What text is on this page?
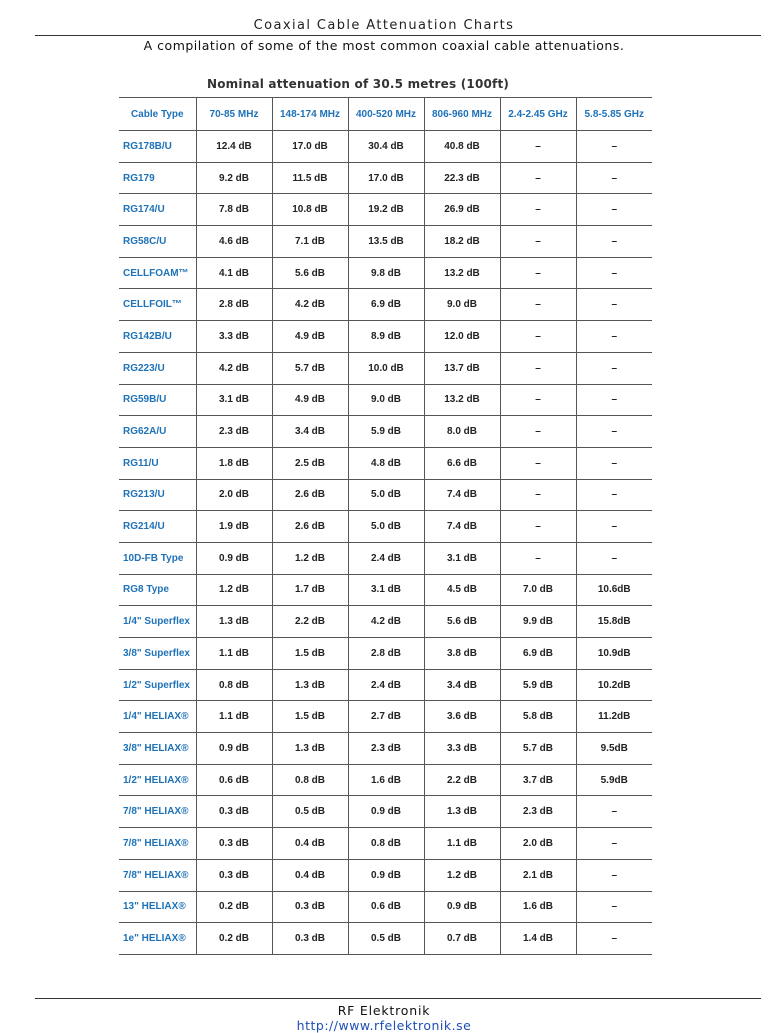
Coaxial Cable Attenuation Charts
A compilation of some of the most common coaxial cable attenuations.
Nominal attenuation of 30.5 metres (100ft)
Cable Type	70-85 MHz	148-174 MHz	400-520 MHz	806-960 MHz	2.4-2.45 GHz	5.8-5.85 GHz
RG178B/U	12.4 dB	17.0 dB	30.4 dB	40.8 dB	–	–
RG179	9.2 dB	11.5 dB	17.0 dB	22.3 dB	–	–
RG174/U	7.8 dB	10.8 dB	19.2 dB	26.9 dB	–	–
RG58C/U	4.6 dB	7.1 dB	13.5 dB	18.2 dB	–	–
CELLFOAM™	4.1 dB	5.6 dB	9.8 dB	13.2 dB	–	–
CELLFOIL™	2.8 dB	4.2 dB	6.9 dB	9.0 dB	–	–
RG142B/U	3.3 dB	4.9 dB	8.9 dB	12.0 dB	–	–
RG223/U	4.2 dB	5.7 dB	10.0 dB	13.7 dB	–	–
RG59B/U	3.1 dB	4.9 dB	9.0 dB	13.2 dB	–	–
RG62A/U	2.3 dB	3.4 dB	5.9 dB	8.0 dB	–	–
RG11/U	1.8 dB	2.5 dB	4.8 dB	6.6 dB	–	–
RG213/U	2.0 dB	2.6 dB	5.0 dB	7.4 dB	–	–
RG214/U	1.9 dB	2.6 dB	5.0 dB	7.4 dB	–	–
10D-FB Type	0.9 dB	1.2 dB	2.4 dB	3.1 dB	–	–
RG8 Type	1.2 dB	1.7 dB	3.1 dB	4.5 dB	7.0 dB	10.6dB
1/4" Superflex	1.3 dB	2.2 dB	4.2 dB	5.6 dB	9.9 dB	15.8dB
3/8" Superflex	1.1 dB	1.5 dB	2.8 dB	3.8 dB	6.9 dB	10.9dB
1/2" Superflex	0.8 dB	1.3 dB	2.4 dB	3.4 dB	5.9 dB	10.2dB
1/4" HELIAX®	1.1 dB	1.5 dB	2.7 dB	3.6 dB	5.8 dB	11.2dB
3/8" HELIAX®	0.9 dB	1.3 dB	2.3 dB	3.3 dB	5.7 dB	9.5dB
1/2" HELIAX®	0.6 dB	0.8 dB	1.6 dB	2.2 dB	3.7 dB	5.9dB
7/8" HELIAX®	0.3 dB	0.5 dB	0.9 dB	1.3 dB	2.3 dB	–
7/8" HELIAX®	0.3 dB	0.4 dB	0.8 dB	1.1 dB	2.0 dB	–
7/8" HELIAX®	0.3 dB	0.4 dB	0.9 dB	1.2 dB	2.1 dB	–
13" HELIAX®	0.2 dB	0.3 dB	0.6 dB	0.9 dB	1.6 dB	–
1e" HELIAX®	0.2 dB	0.3 dB	0.5 dB	0.7 dB	1.4 dB	–
RF Elektronik
http://www.rfelektronik.se
